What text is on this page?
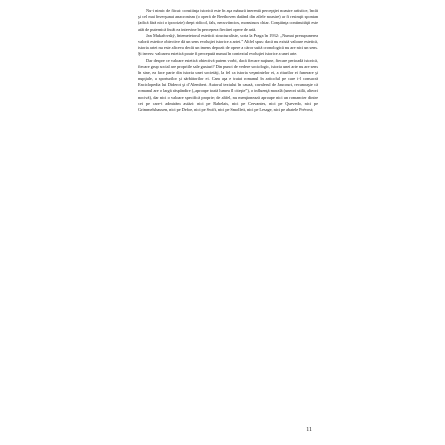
Nu-i nimic de făcut: constiinţa istorică este în aşa măsură inerentă percepţiei noastre artistice, încât şi cel mai înverşunat anacronism (o operă de Beethoven datând din zilele noastre) ar fi resimţit spontan (adică fără nici o ipocrizie) drept ridicol, fals, necuviincios, monstruos chiar. Conştiinţa continuităţii este atât de puternică încât ea intervine în percepera fiecărei opere de artă.

Jan Mukařovský, întemeietorul esteticii structuraliste, scria la Praga în 1932: „Numai presupunerea valorii estetice obiective dă un sens evoluţiei istorice a artei.” Altfel spus: dacă nu există valoare estetică, istoria artei nu este altceva decât un imens depozit de opere a căror suită cronologică nu are nici un sens. Şi invers: valoarea estetică poate fi percepută numai în contextul evoluţiei istorice a unei arte.

Dar despre ce valoare estetică obiectivă putem vorbi, dacă fiecare naţiune, fiecare perioadă istorică, fiecare grup social are propriile sale gusturi? Din punct de vedere sociologic, istoria unei arte nu are sens în sine, ea face parte din istoria unei societăţi, la fel ca istoria veşmintelor ei, a riturilor ei funerare şi nupţiale, a sporturilor şi sărbătorilor ei. Cam aşa e tratat romanul în articolul pe care i-l consacră Enciclopedia lui Diderot şi d’Alembert. Autorul textului în cauză, cavalerul de Jaucourt, recunoaşte că romanul are o largă răspândire („aproape toată lumea îl citeşte”), o influenţă morală (uneori utilă, alteori nocivă), dar nici o valoare specifică proprie; de altfel, nu menţionează aproape nici un romancier dintre cei pe care-i admirăm astăzi: nici pe Rabelais, nici pe Cervantes, nici pe Quevedo, nici pe Grimmelshausen, nici pe Defoe, nici pe Swift, nici pe Smollett, nici pe Lesage, nici pe abatele Prévost;

11
